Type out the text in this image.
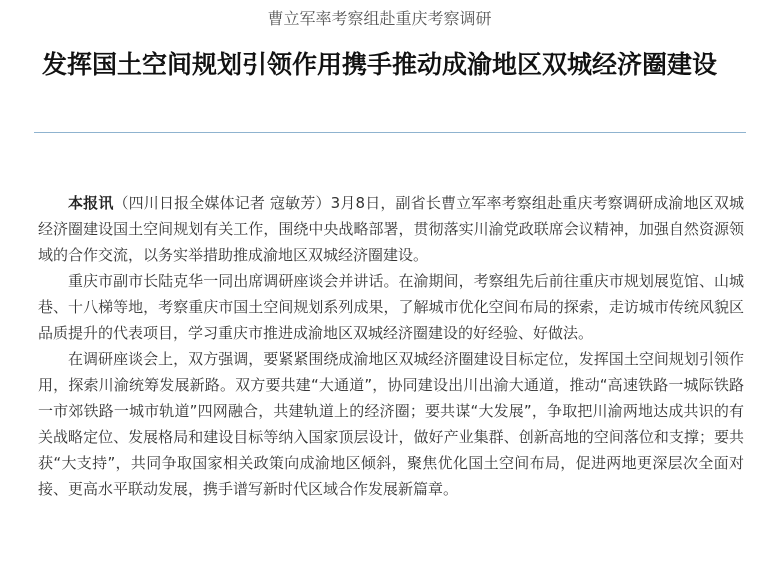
曹立军率考察组赴重庆考察调研
发挥国土空间规划引领作用携手推动成渝地区双城经济圈建设

本报讯（四川日报全媒体记者 寇敏芳）3月8日，副省长曹立军率考察组赴重庆考察调研成渝地区双城经济圈建设国土空间规划有关工作，围绕中央战略部署，贯彻落实川渝党政联席会议精神，加强自然资源领域的合作交流，以务实举措助推成渝地区双城经济圈建设。

重庆市副市长陆克华一同出席调研座谈会并讲话。在渝期间，考察组先后前往重庆市规划展览馆、山城巷、十八梯等地，考察重庆市国土空间规划系列成果，了解城市优化空间布局的探索，走访城市传统风貌区品质提升的代表项目，学习重庆市推进成渝地区双城经济圈建设的好经验、好做法。

在调研座谈会上，双方强调，要紧紧围绕成渝地区双城经济圈建设目标定位，发挥国土空间规划引领作用，探索川渝统筹发展新路。双方要共建“大通道”，协同建设出川出渝大通道，推动“高速铁路一城际铁路一市郊铁路一城市轨道”四网融合，共建轨道上的经济圈；要共谋“大发展”，争取把川渝两地达成共识的有关战略定位、发展格局和建设目标等纳入国家顶层设计，做好产业集群、创新高地的空间落位和支撑；要共获“大支持”，共同争取国家相关政策向成渝地区倾斜，聚焦优化国土空间布局，促进两地更深层次全面对接、更高水平联动发展，携手谱写新时代区域合作发展新篇章。
